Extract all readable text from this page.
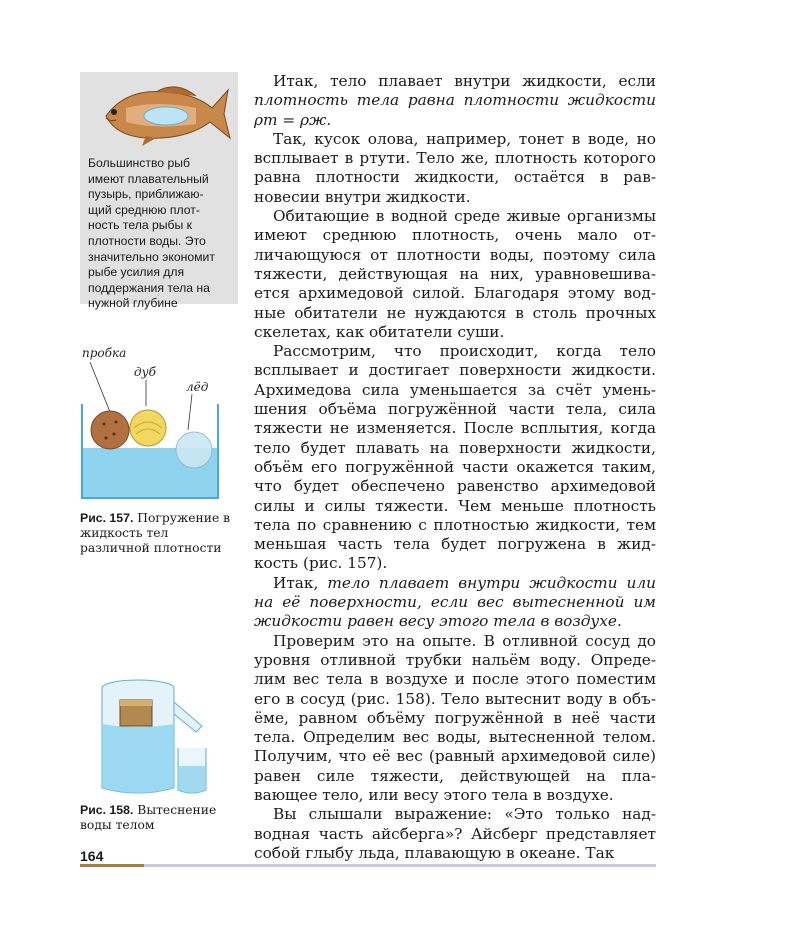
Большинство рыб
имеют плавательный
пузырь, приближаю-
щий среднюю плот-
ность тела рыбы к
плотности воды. Это
значительно экономит
рыбе усилия для
поддержания тела на
нужной глубине

Итак, тело плавает внутри жидкости, если плотность тела равна плотности жидкости ρт = ρж.

Так, кусок олова, например, тонет в воде, но всплывает в ртути. Тело же, плотность которого равна плотности жидкости, остаётся в равновесии внутри жидкости.

Обитающие в водной среде живые организмы имеют среднюю плотность, очень мало отличающуюся от плотности воды, поэтому сила тяжести, действующая на них, уравновешивается архимедовой силой. Благодаря этому водные обитатели не нуждаются в столь прочных скелетах, как обитатели суши.

Рассмотрим, что происходит, когда тело всплывает и достигает поверхности жидкости. Архимедова сила уменьшается за счёт уменьшения объёма погружённой части тела, сила тяжести не изменяется. После всплытия, когда тело будет плавать на поверхности жидкости, объём его погружённой части окажется таким, что будет обеспечено равенство архимедовой силы и силы тяжести. Чем меньше плотность тела по сравнению с плотностью жидкости, тем меньшая часть тела будет погружена в жидкость (рис. 157).

Итак, тело плавает внутри жидкости или на её поверхности, если вес вытесненной им жидкости равен весу этого тела в воздухе.

Проверим это на опыте. В отливной сосуд до уровня отливной трубки нальём воду. Определим вес тела в воздухе и после этого поместим его в сосуд (рис. 158). Тело вытеснит воду в объёме, равном объёму погружённой в неё части тела. Определим вес воды, вытесненной телом. Получим, что её вес (равный архимедовой силе) равен силе тяжести, действующей на плавающее тело, или весу этого тела в воздухе.

Вы слышали выражение: «Это только надводная часть айсберга»? Айсберг представляет собой глыбу льда, плавающую в океане. Так

пробка
дуб
лёд
Рис. 157. Погружение в жидкость тел различной плотности
Рис. 158. Вытеснение воды телом
164
